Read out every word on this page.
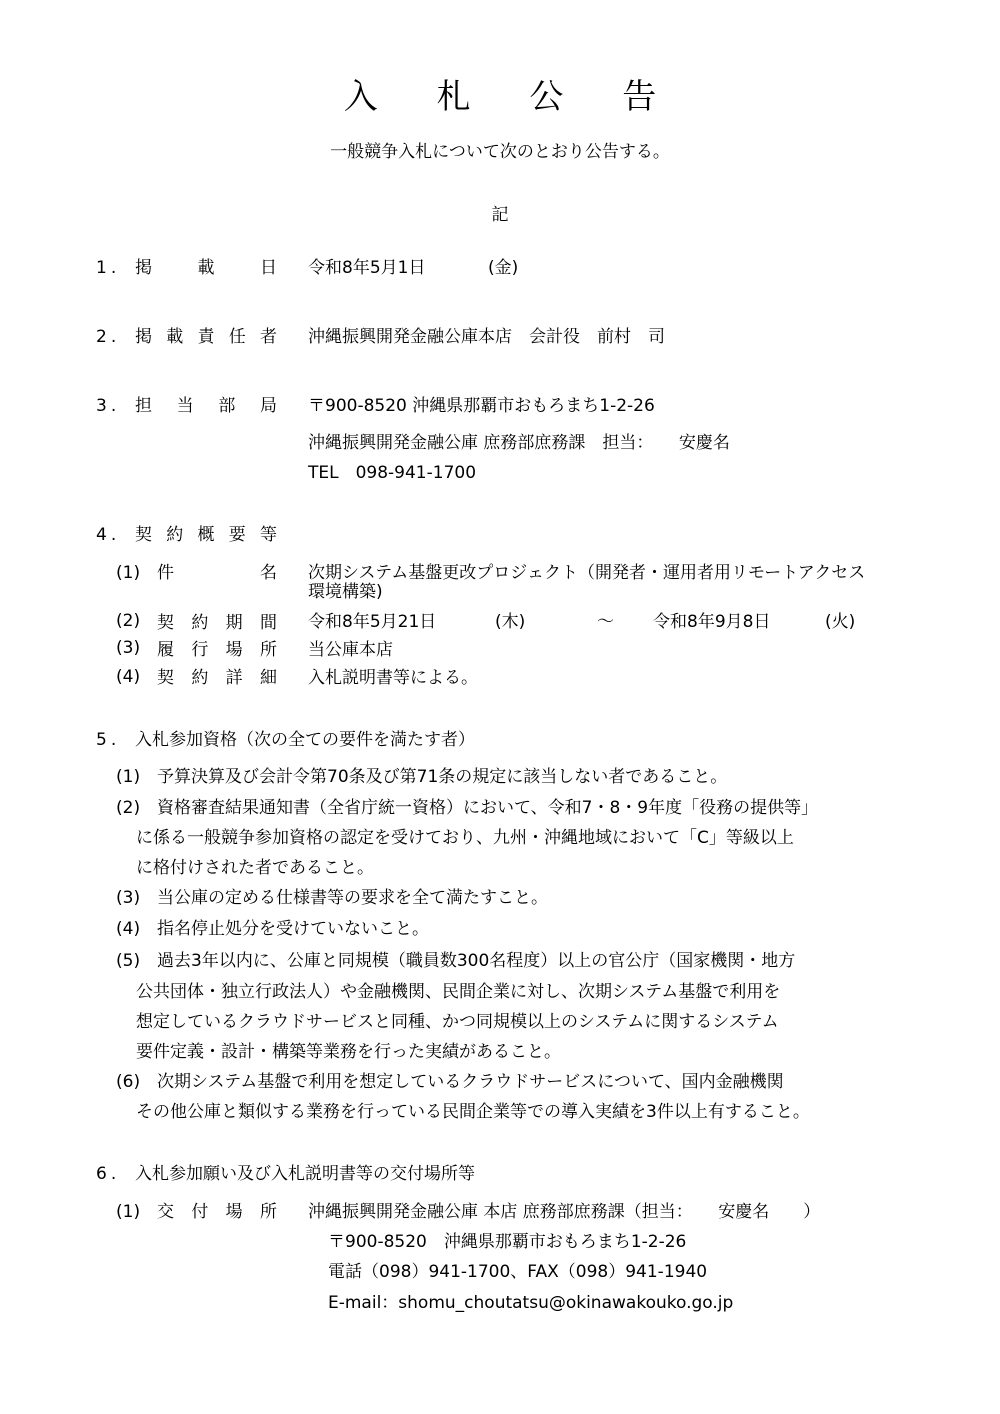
入 札 公 告
一般競争入札について次のとおり公告する。
記
1. 掲	載	日 令和8年5月1日	(金)
2. 掲 載 責 任 者 沖縄振興開発金融公庫本店　会計役　前村　司
3. 担 当 部 局 〒900-8520 沖縄県那覇市おもろまち1-2-26
沖縄振興開発金融公庫 庶務部庶務課　担当：　　安慶名
TEL　098-941-1700
4. 契 約 概 要 等
(1) 件	名 次期システム基盤更改プロジェクト（開発者・運用者用リモートアクセス
環境構築)
(2) 契 約 期 間 令和8年5月21日	(木)	～ 令和8年9月8日	(火)
(3) 履 行 場 所 当公庫本店
(4) 契 約 詳 細 入札説明書等による。
5. 入札参加資格（次の全ての要件を満たす者）
(1) 予算決算及び会計令第70条及び第71条の規定に該当しない者であること。
(2) 資格審査結果通知書（全省庁統一資格）において、令和7・8・9年度「役務の提供等」
に係る一般競争参加資格の認定を受けており、九州・沖縄地域において「C」等級以上
に格付けされた者であること。
(3) 当公庫の定める仕様書等の要求を全て満たすこと。
(4) 指名停止処分を受けていないこと。
(5) 過去3年以内に、公庫と同規模（職員数300名程度）以上の官公庁（国家機関・地方
公共団体・独立行政法人）や金融機関、民間企業に対し、次期システム基盤で利用を
想定しているクラウドサービスと同種、かつ同規模以上のシステムに関するシステム
要件定義・設計・構築等業務を行った実績があること。
(6) 次期システム基盤で利用を想定しているクラウドサービスについて、国内金融機関
その他公庫と類似する業務を行っている民間企業等での導入実績を3件以上有すること。
6. 入札参加願い及び入札説明書等の交付場所等
(1) 交 付 場 所 沖縄振興開発金融公庫 本店 庶務部庶務課（担当：　　安慶名　　）
〒900-8520　沖縄県那覇市おもろまち1-2-26
電話（098）941-1700、FAX（098）941-1940
E-mail：shomu_choutatsu@okinawakouko.go.jp
